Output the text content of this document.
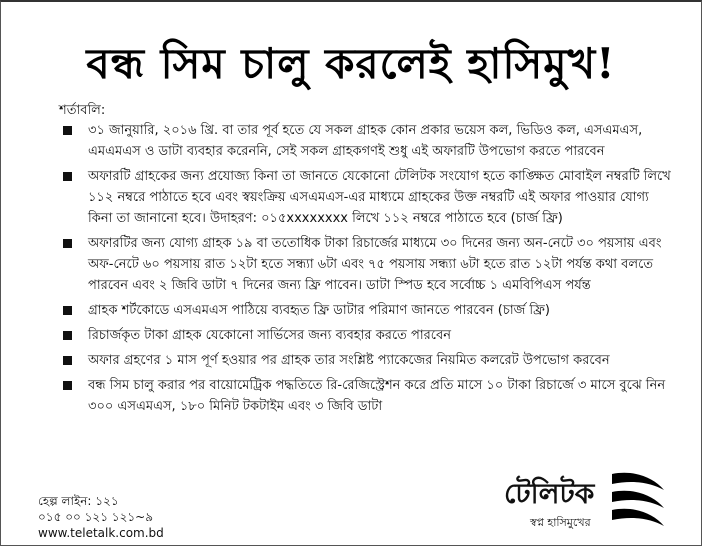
বন্ধ সিম চালু করলেই হাসিমুখ!
শর্তাবলি:
৩১ জানুয়ারি, ২০১৬ খ্রি. বা তার পূর্ব হতে যে সকল গ্রাহক কোন প্রকার ভয়েস কল, ভিডিও কল, এসএমএস, এমএমএস ও ডাটা ব্যবহার করেননি, সেই সকল গ্রাহকগণই শুধু এই অফারটি উপভোগ করতে পারবেন
অফারটি গ্রাহকের জন্য প্রযোজ্য কিনা তা জানতে যেকোনো টেলিটক সংযোগ হতে কাঙ্ক্ষিত মোবাইল নম্বরটি লিখে ১১২ নম্বরে পাঠাতে হবে এবং স্বয়ংক্রিয় এসএমএস-এর মাধ্যমে গ্রাহকের উক্ত নম্বরটি এই অফার পাওয়ার যোগ্য কিনা তা জানানো হবে। উদাহরণ: ০১৫xxxxxxxx লিখে ১১২ নম্বরে পাঠাতে হবে (চার্জ ফ্রি)
অফারটির জন্য যোগ্য গ্রাহক ১৯ বা ততোধিক টাকা রিচার্জের মাধ্যমে ৩০ দিনের জন্য অন-নেটে ৩০ পয়সায় এবং অফ-নেটে ৬০ পয়সায় রাত ১২টা হতে সন্ধ্যা ৬টা এবং ৭৫ পয়সায় সন্ধ্যা ৬টা হতে রাত ১২টা পর্যন্ত কথা বলতে পারবেন এবং ২ জিবি ডাটা ৭ দিনের জন্য ফ্রি পাবেন। ডাটা স্পিড হবে সর্বোচ্চ ১ এমবিপিএস পর্যন্ত
গ্রাহক শর্টকোডে এসএমএস পাঠিয়ে ব্যবহৃত ফ্রি ডাটার পরিমাণ জানতে পারবেন (চার্জ ফ্রি)
রিচার্জকৃত টাকা গ্রাহক যেকোনো সার্ভিসের জন্য ব্যবহার করতে পারবেন
অফার গ্রহণের ১ মাস পূর্ণ হওয়ার পর গ্রাহক তার সংশ্লিষ্ট প্যাকেজের নিয়মিত কলরেট উপভোগ করবেন
বন্ধ সিম চালু করার পর বায়োমেট্রিক পদ্ধতিতে রি-রেজিস্ট্রেশন করে প্রতি মাসে ১০ টাকা রিচার্জে ৩ মাসে বুঝে নিন ৩০০ এসএমএস, ১৮০ মিনিট টকটাইম এবং ৩ জিবি ডাটা
হেল্প লাইন: ১২১
০১৫ ০০ ১২১ ১২১~৯
www.teletalk.com.bd
টেলিটক
স্বপ্ন হাসিমুখের
